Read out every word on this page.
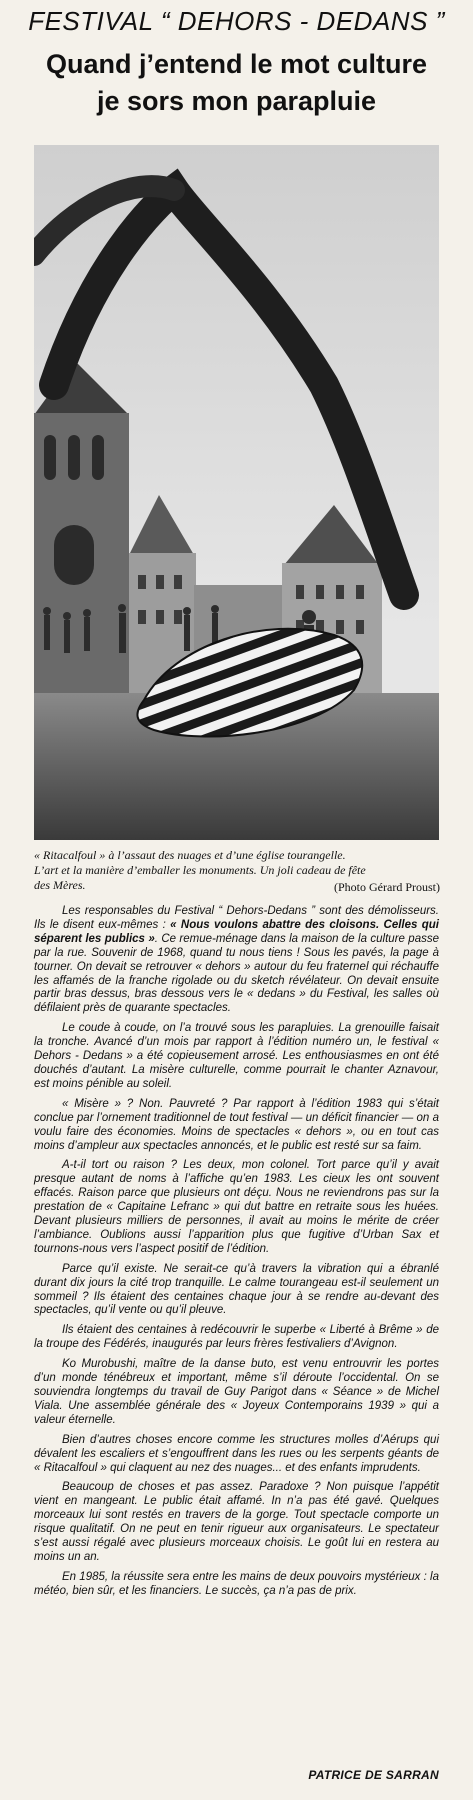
FESTIVAL “ DEHORS - DEDANS ”
Quand j’entend le mot culture
je sors mon parapluie
« Ritacalfoul » à l’assaut des nuages et d’une église tourangelle.
L’art et la manière d’emballer les monuments. Un joli cadeau de fête
des Mères.	(Photo Gérard Proust)

Les responsables du Festival “ Dehors-Dedans ” sont des démolisseurs. Ils le disent eux-mêmes : « Nous voulons abattre des cloisons. Celles qui séparent les publics ». Ce remue-ménage dans la maison de la culture passe par la rue. Souvenir de 1968, quand tu nous tiens ! Sous les pavés, la page à tourner. On devait se retrouver « dehors » autour du feu fraternel qui réchauffe les affamés de la franche rigolade ou du sketch révélateur. On devait ensuite partir bras dessus, bras dessous vers le « dedans » du Festival, les salles où défilaient près de quarante spectacles.

Le coude à coude, on l’a trouvé sous les parapluies. La grenouille faisait la tronche. Avancé d’un mois par rapport à l’édition numéro un, le festival « Dehors - Dedans » a été copieusement arrosé. Les enthousiasmes en ont été douchés d’autant. La misère culturelle, comme pourrait le chanter Aznavour, est moins pénible au soleil.

« Misère » ? Non. Pauvreté ? Par rapport à l’édition 1983 qui s’était conclue par l’ornement traditionnel de tout festival — un déficit financier — on a voulu faire des économies. Moins de spectacles « dehors », ou en tout cas moins d’ampleur aux spectacles annoncés, et le public est resté sur sa faim.

A-t-il tort ou raison ? Les deux, mon colonel. Tort parce qu’il y avait presque autant de noms à l’affiche qu’en 1983. Les cieux les ont souvent effacés. Raison parce que plusieurs ont déçu. Nous ne reviendrons pas sur la prestation de « Capitaine Lefranc » qui dut battre en retraite sous les huées. Devant plusieurs milliers de personnes, il avait au moins le mérite de créer l’ambiance. Oublions aussi l’apparition plus que fugitive d’Urban Sax et tournons-nous vers l’aspect positif de l’édition.

Parce qu’il existe. Ne serait-ce qu’à travers la vibration qui a ébranlé durant dix jours la cité trop tranquille. Le calme tourangeau est-il seulement un sommeil ? Ils étaient des centaines chaque jour à se rendre au-devant des spectacles, qu’il vente ou qu’il pleuve.

Ils étaient des centaines à redécouvrir le superbe « Liberté à Brême » de la troupe des Fédérés, inaugurés par leurs frères festivaliers d’Avignon.

Ko Murobushi, maître de la danse buto, est venu entrouvrir les portes d’un monde ténébreux et important, même s’il déroute l’occidental. On se souviendra longtemps du travail de Guy Parigot dans « Séance » de Michel Viala. Une assemblée générale des « Joyeux Contemporains 1939 » qui a valeur éternelle.

Bien d’autres choses encore comme les structures molles d’Aérups qui dévalent les escaliers et s’engouffrent dans les rues ou les serpents géants de « Ritacalfoul » qui claquent au nez des nuages... et des enfants imprudents.

Beaucoup de choses et pas assez. Paradoxe ? Non puisque l’appétit vient en mangeant. Le public était affamé. In n’a pas été gavé. Quelques morceaux lui sont restés en travers de la gorge. Tout spectacle comporte un risque qualitatif. On ne peut en tenir rigueur aux organisateurs. Le spectateur s’est aussi régalé avec plusieurs morceaux choisis. Le goût lui en restera au moins un an.

En 1985, la réussite sera entre les mains de deux pouvoirs mystérieux : la météo, bien sûr, et les financiers. Le succès, ça n’a pas de prix.

PATRICE DE SARRAN
